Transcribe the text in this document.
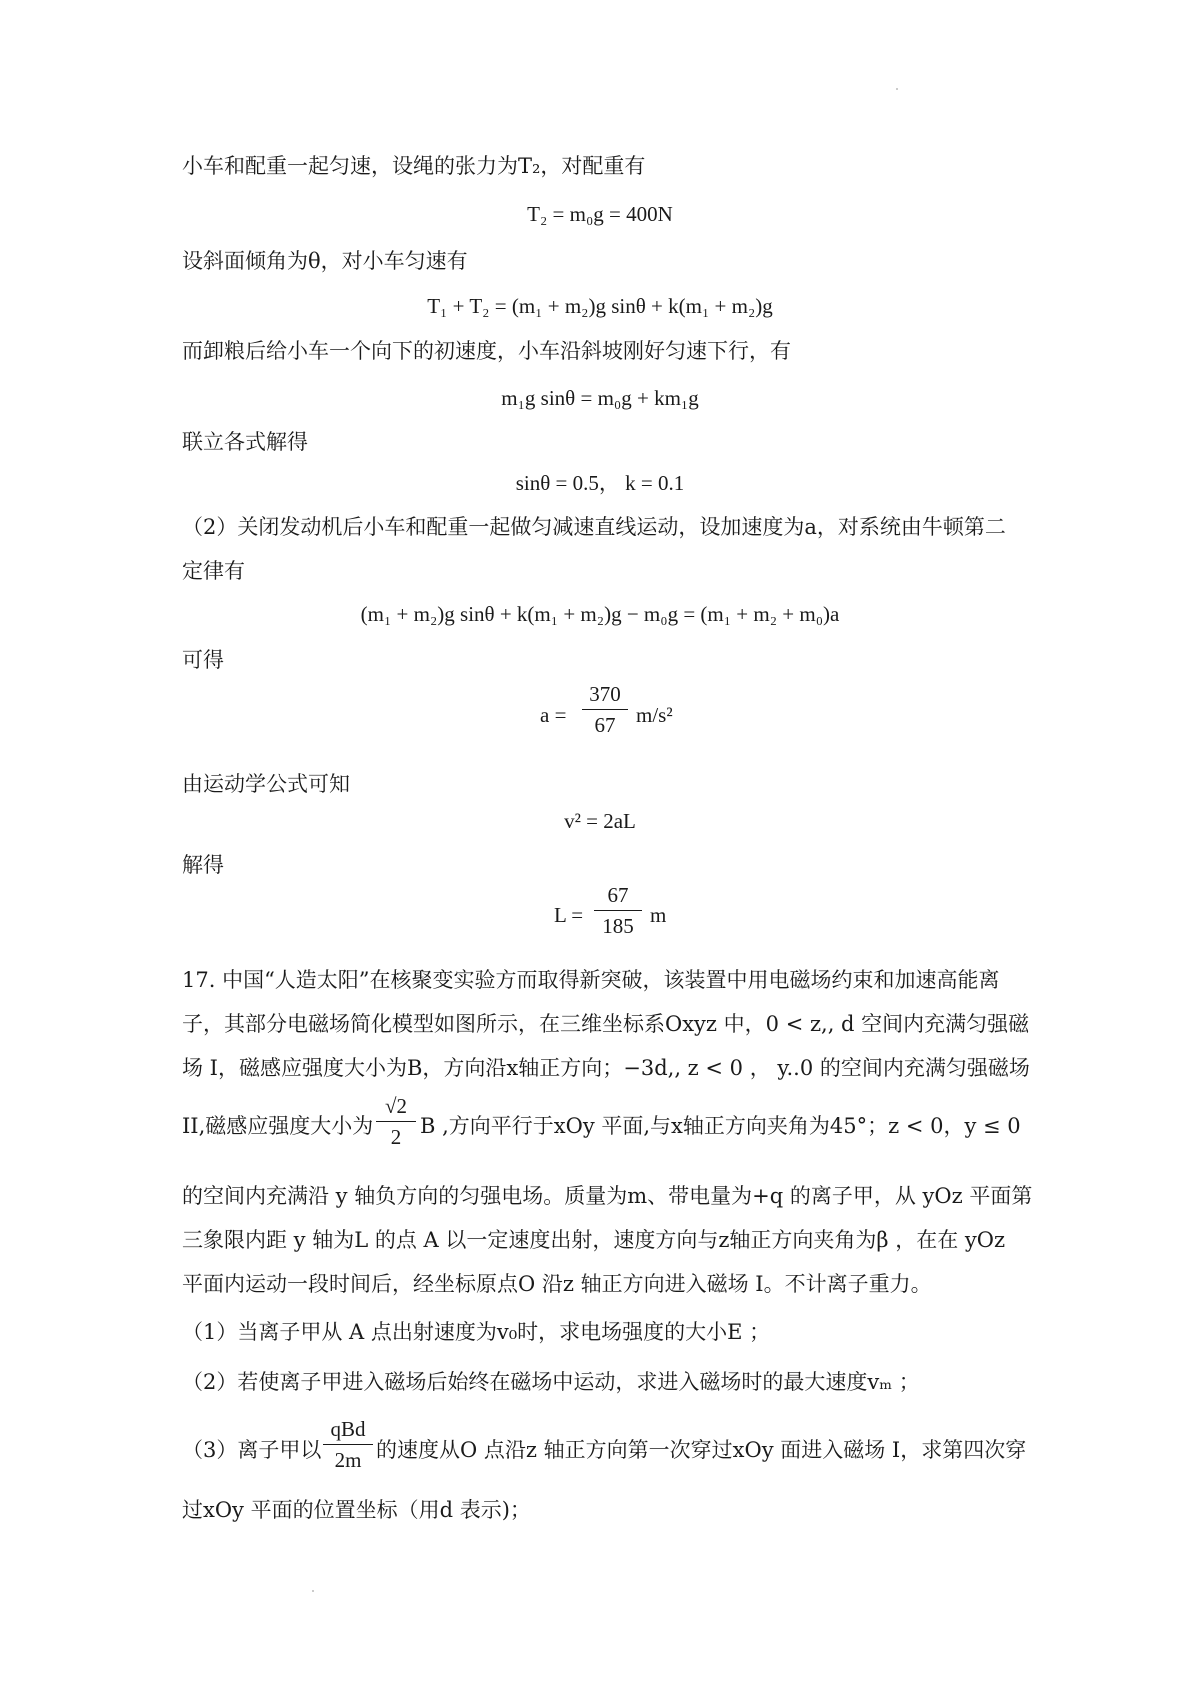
小车和配重一起匀速，设绳的张力为T₂，对配重有
T₂ = m₀g = 400N
设斜面倾角为θ，对小车匀速有
T₁ + T₂ = (m₁ + m₂)g sinθ + k(m₁ + m₂)g
而卸粮后给小车一个向下的初速度，小车沿斜坡刚好匀速下行，有
m₁g sinθ = m₀g + km₁g
联立各式解得
sinθ = 0.5， k = 0.1
（2）关闭发动机后小车和配重一起做匀减速直线运动，设加速度为a，对系统由牛顿第二
定律有
(m₁ + m₂)g sinθ + k(m₁ + m₂)g − m₀g = (m₁ + m₂ + m₀)a
可得
a =
370
67 m/s²
由运动学公式可知
v² = 2aL
解得
L =
67
185 m
17. 中国“人造太阳”在核聚变实验方而取得新突破，该装置中用电磁场约束和加速高能离
子，其部分电磁场简化模型如图所示，在三维坐标系Oxyz 中，0 < z,, d 空间内充满匀强磁
场 I，磁感应强度大小为B，方向沿x轴正方向；−3d,, z < 0 ， y..0 的空间内充满匀强磁场
II,磁感应强度大小为
√2
2 B ,方向平行于xOy 平面,与x轴正方向夹角为45°；z < 0，y ≤ 0
的空间内充满沿 y 轴负方向的匀强电场。质量为m、带电量为+q 的离子甲，从 yOz 平面第
三象限内距 y 轴为L 的点 A 以一定速度出射，速度方向与z轴正方向夹角为β ，在在 yOz
平面内运动一段时间后，经坐标原点O 沿z 轴正方向进入磁场 I。不计离子重力。
（1）当离子甲从 A 点出射速度为v₀时，求电场强度的大小E ；
（2）若使离子甲进入磁场后始终在磁场中运动，求进入磁场时的最大速度vₘ ；
（3）离子甲以
qBd
2m 的速度从O 点沿z 轴正方向第一次穿过xOy 面进入磁场 I，求第四次穿
过xOy 平面的位置坐标（用d 表示)；
